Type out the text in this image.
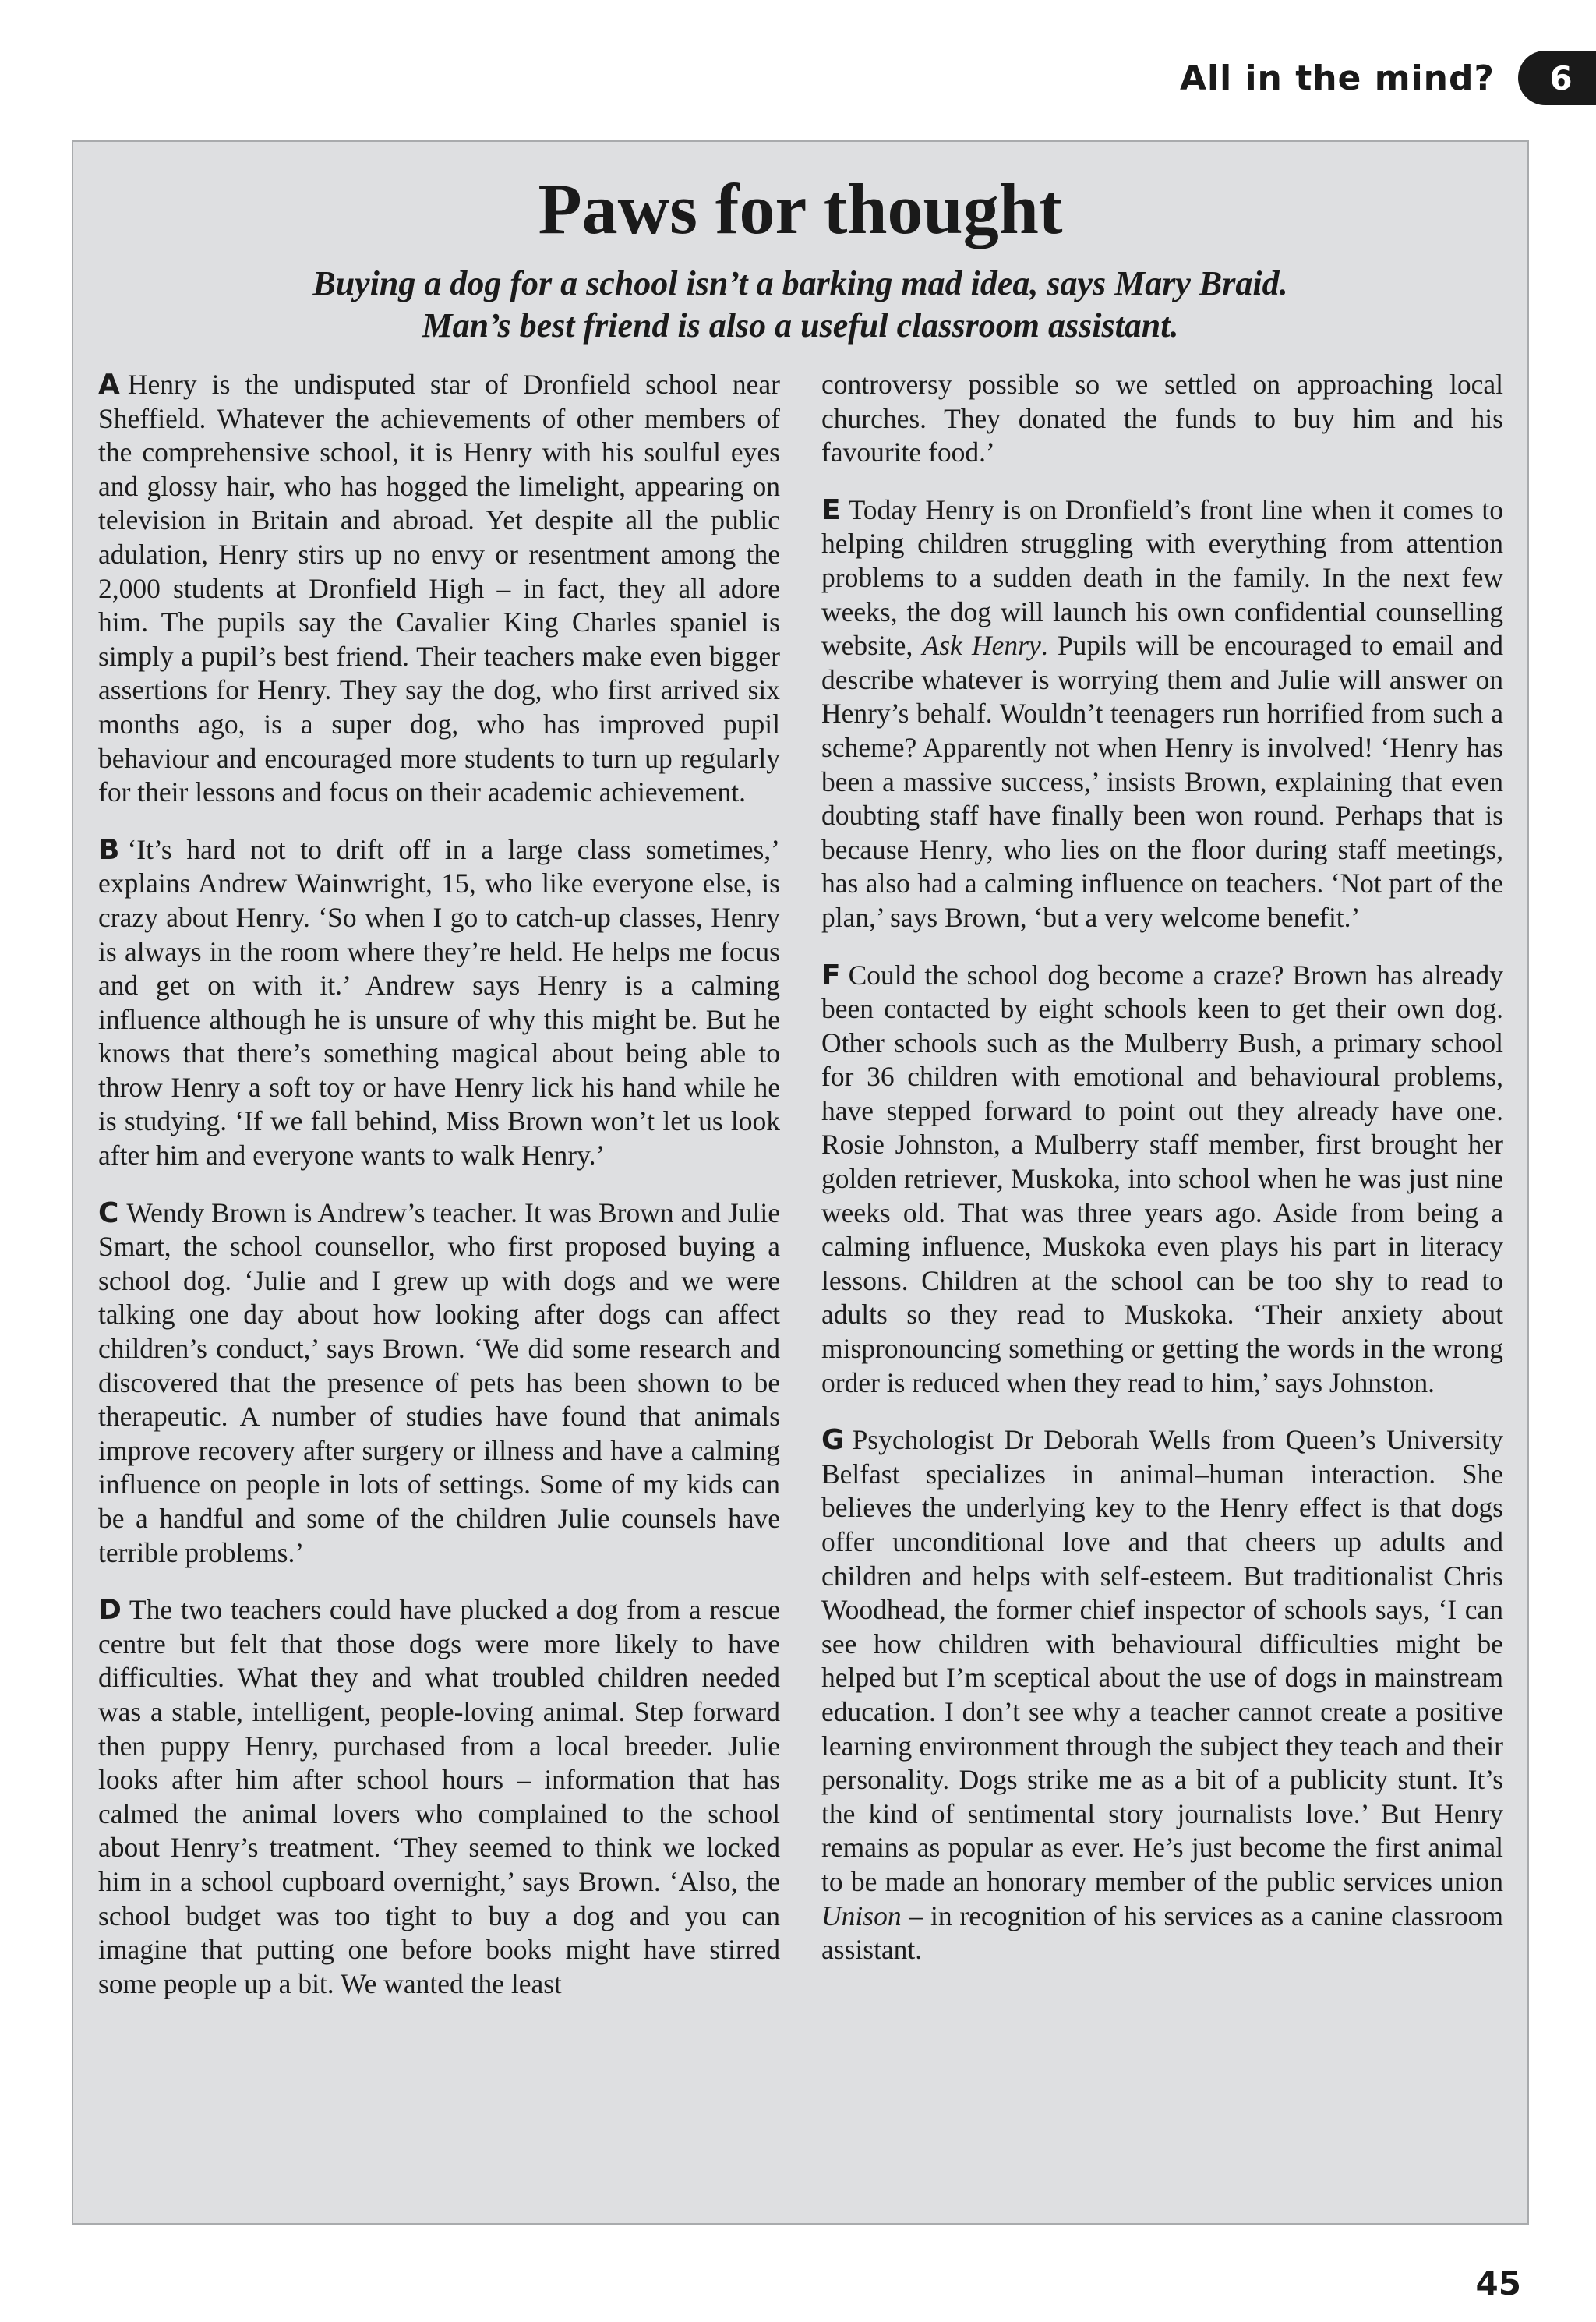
All in the mind?	6
Paws for thought
Buying a dog for a school isn’t a barking mad idea, says Mary Braid.
Man’s best friend is also a useful classroom assistant.

A Henry is the undisputed star of Dronfield school near Sheffield. Whatever the achievements of other members of the comprehensive school, it is Henry with his soulful eyes and glossy hair, who has hogged the limelight, appearing on television in Britain and abroad. Yet despite all the public adulation, Henry stirs up no envy or resentment among the 2,000 students at Dronfield High – in fact, they all adore him. The pupils say the Cavalier King Charles spaniel is simply a pupil’s best friend. Their teachers make even bigger assertions for Henry. They say the dog, who first arrived six months ago, is a super dog, who has improved pupil behaviour and encouraged more students to turn up regularly for their lessons and focus on their academic achievement.

B ‘It’s hard not to drift off in a large class sometimes,’ explains Andrew Wainwright, 15, who like everyone else, is crazy about Henry. ‘So when I go to catch-up classes, Henry is always in the room where they’re held. He helps me focus and get on with it.’ Andrew says Henry is a calming influence although he is unsure of why this might be. But he knows that there’s something magical about being able to throw Henry a soft toy or have Henry lick his hand while he is studying. ‘If we fall behind, Miss Brown won’t let us look after him and everyone wants to walk Henry.’

C Wendy Brown is Andrew’s teacher. It was Brown and Julie Smart, the school counsellor, who first proposed buying a school dog. ‘Julie and I grew up with dogs and we were talking one day about how looking after dogs can affect children’s conduct,’ says Brown. ‘We did some research and discovered that the presence of pets has been shown to be therapeutic. A number of studies have found that animals improve recovery after surgery or illness and have a calming influence on people in lots of settings. Some of my kids can be a handful and some of the children Julie counsels have terrible problems.’

D The two teachers could have plucked a dog from a rescue centre but felt that those dogs were more likely to have difficulties. What they and what troubled children needed was a stable, intelligent, people-loving animal. Step forward then puppy Henry, purchased from a local breeder. Julie looks after him after school hours – information that has calmed the animal lovers who complained to the school about Henry’s treatment. ‘They seemed to think we locked him in a school cupboard overnight,’ says Brown. ‘Also, the school budget was too tight to buy a dog and you can imagine that putting one before books might have stirred some people up a bit. We wanted the least

controversy possible so we settled on approaching local churches. They donated the funds to buy him and his favourite food.’

E Today Henry is on Dronfield’s front line when it comes to helping children struggling with everything from attention problems to a sudden death in the family. In the next few weeks, the dog will launch his own confidential counselling website, Ask Henry. Pupils will be encouraged to email and describe whatever is worrying them and Julie will answer on Henry’s behalf. Wouldn’t teenagers run horrified from such a scheme? Apparently not when Henry is involved! ‘Henry has been a massive success,’ insists Brown, explaining that even doubting staff have finally been won round. Perhaps that is because Henry, who lies on the floor during staff meetings, has also had a calming influence on teachers. ‘Not part of the plan,’ says Brown, ‘but a very welcome benefit.’

F Could the school dog become a craze? Brown has already been contacted by eight schools keen to get their own dog. Other schools such as the Mulberry Bush, a primary school for 36 children with emotional and behavioural problems, have stepped forward to point out they already have one. Rosie Johnston, a Mulberry staff member, first brought her golden retriever, Muskoka, into school when he was just nine weeks old. That was three years ago. Aside from being a calming influence, Muskoka even plays his part in literacy lessons. Children at the school can be too shy to read to adults so they read to Muskoka. ‘Their anxiety about mispronouncing something or getting the words in the wrong order is reduced when they read to him,’ says Johnston.

G Psychologist Dr Deborah Wells from Queen’s University Belfast specializes in animal–human interaction. She believes the underlying key to the Henry effect is that dogs offer unconditional love and that cheers up adults and children and helps with self-esteem. But traditionalist Chris Woodhead, the former chief inspector of schools says, ‘I can see how children with behavioural difficulties might be helped but I’m sceptical about the use of dogs in mainstream education. I don’t see why a teacher cannot create a positive learning environment through the subject they teach and their personality. Dogs strike me as a bit of a publicity stunt. It’s the kind of sentimental story journalists love.’ But Henry remains as popular as ever. He’s just become the first animal to be made an honorary member of the public services union Unison – in recognition of his services as a canine classroom assistant.

45
